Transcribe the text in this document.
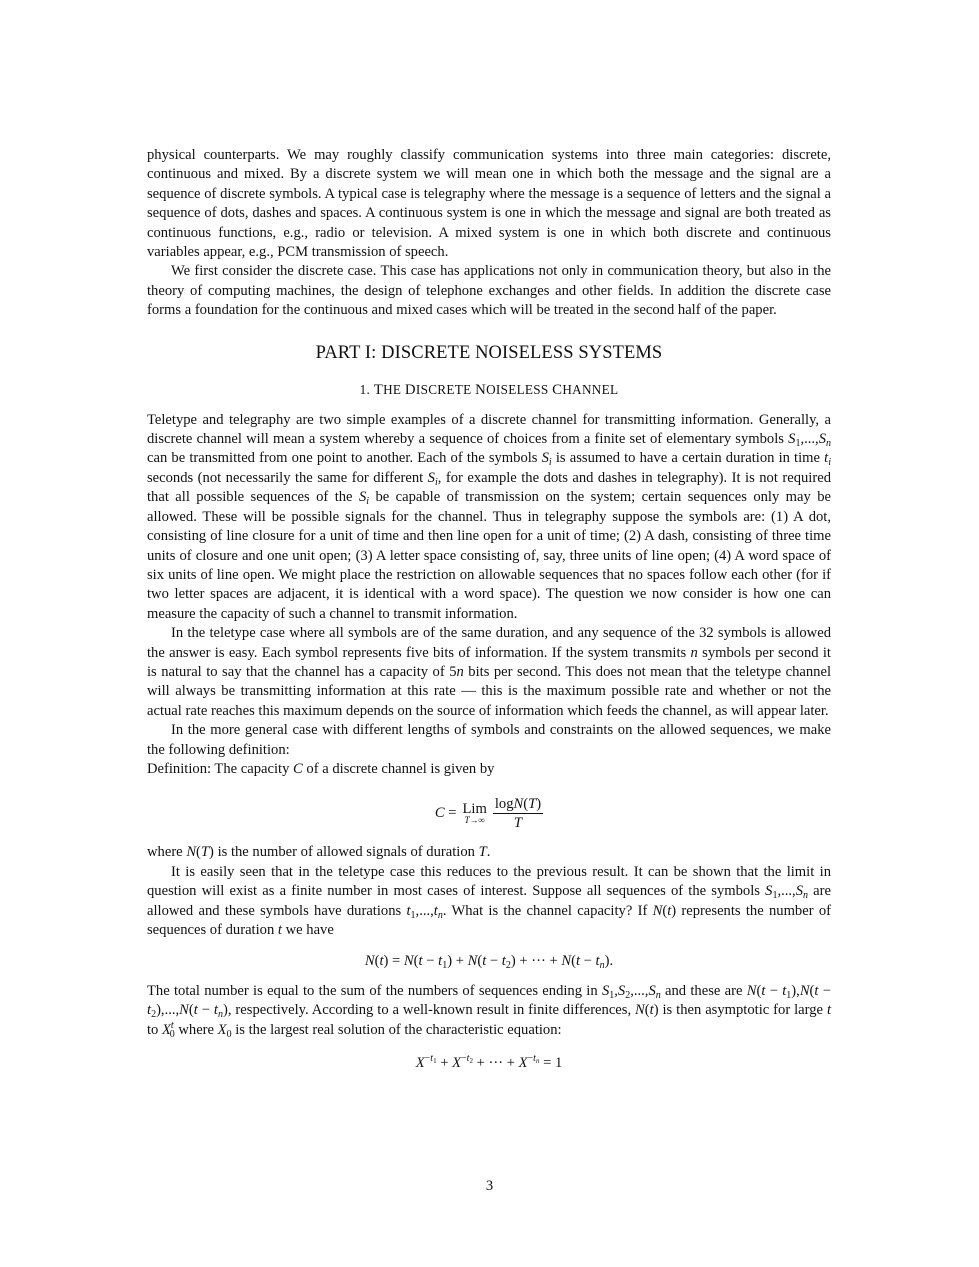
physical counterparts. We may roughly classify communication systems into three main categories: discrete, continuous and mixed. By a discrete system we will mean one in which both the message and the signal are a sequence of discrete symbols. A typical case is telegraphy where the message is a sequence of letters and the signal a sequence of dots, dashes and spaces. A continuous system is one in which the message and signal are both treated as continuous functions, e.g., radio or television. A mixed system is one in which both discrete and continuous variables appear, e.g., PCM transmission of speech.

We first consider the discrete case. This case has applications not only in communication theory, but also in the theory of computing machines, the design of telephone exchanges and other fields. In addition the discrete case forms a foundation for the continuous and mixed cases which will be treated in the second half of the paper.

PART I: DISCRETE NOISELESS SYSTEMS
1. THE DISCRETE NOISELESS CHANNEL

Teletype and telegraphy are two simple examples of a discrete channel for transmitting information. Generally, a discrete channel will mean a system whereby a sequence of choices from a finite set of elementary symbols $S_1,...,S_n$ can be transmitted from one point to another. Each of the symbols $S_i$ is assumed to have a certain duration in time $t_i$ seconds (not necessarily the same for different $S_i$, for example the dots and dashes in telegraphy). It is not required that all possible sequences of the $S_i$ be capable of transmission on the system; certain sequences only may be allowed. These will be possible signals for the channel. Thus in telegraphy suppose the symbols are: (1) A dot, consisting of line closure for a unit of time and then line open for a unit of time; (2) A dash, consisting of three time units of closure and one unit open; (3) A letter space consisting of, say, three units of line open; (4) A word space of six units of line open. We might place the restriction on allowable sequences that no spaces follow each other (for if two letter spaces are adjacent, it is identical with a word space). The question we now consider is how one can measure the capacity of such a channel to transmit information.

In the teletype case where all symbols are of the same duration, and any sequence of the 32 symbols is allowed the answer is easy. Each symbol represents five bits of information. If the system transmits n symbols per second it is natural to say that the channel has a capacity of 5n bits per second. This does not mean that the teletype channel will always be transmitting information at this rate — this is the maximum possible rate and whether or not the actual rate reaches this maximum depends on the source of information which feeds the channel, as will appear later.

In the more general case with different lengths of symbols and constraints on the allowed sequences, we make the following definition:

Definition: The capacity C of a discrete channel is given by

C = Lim
$T\to\infty \frac{\log N(T)}{T}$

where N(T) is the number of allowed signals of duration T.

It is easily seen that in the teletype case this reduces to the previous result. It can be shown that the limit in question will exist as a finite number in most cases of interest. Suppose all sequences of the symbols $S_1,...,S_n$ are allowed and these symbols have durations $t_1,...,t_n$. What is the channel capacity? If N(t) represents the number of sequences of duration t we have

$N(t) = N(t - t_1) + N(t - t_2)$ + ··· + $N(t - t_n)$.

The total number is equal to the sum of the numbers of sequences ending in $S_1,S_2,...,S_n$ and these are $N(t - t_1),N(t - t_2),...,N(t - t_n)$, respectively. According to a well-known result in finite differences, N(t) is then asymptotic for large t to $X^t_0$ where $X_0$ is the largest real solution of the characteristic equation:

$X^{-t_1} + X^{-t_2}$ + ··· + $X^{-t_n} = 1$
3
